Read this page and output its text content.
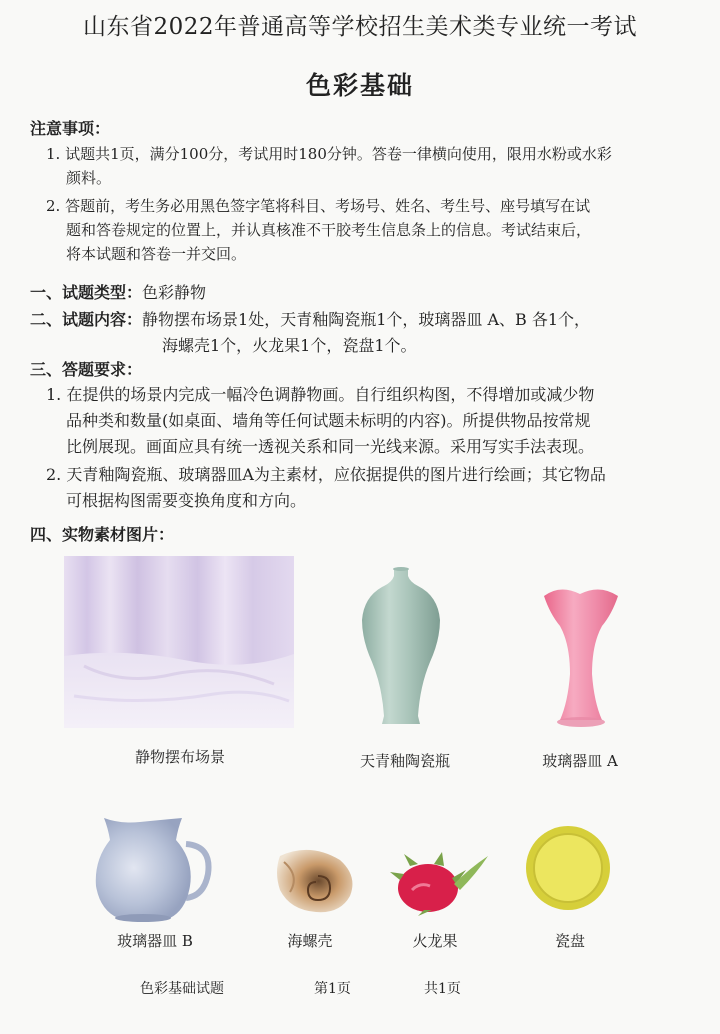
山东省2022年普通高等学校招生美术类专业统一考试
色彩基础
注意事项：
1. 试题共1页，满分100分，考试用时180分钟。答卷一律横向使用，限用水粉或水彩
颜料。
2. 答题前，考生务必用黑色签字笔将科目、考场号、姓名、考生号、座号填写在试
题和答卷规定的位置上，并认真核准不干胶考生信息条上的信息。考试结束后，
将本试题和答卷一并交回。
一、试题类型：色彩静物
二、试题内容：静物摆布场景1处，天青釉陶瓷瓶1个，玻璃器皿 A、B 各1个，
海螺壳1个，火龙果1个，瓷盘1个。
三、答题要求：
1. 在提供的场景内完成一幅冷色调静物画。自行组织构图，不得增加或减少物
品种类和数量(如桌面、墙角等任何试题未标明的内容)。所提供物品按常规
比例展现。画面应具有统一透视关系和同一光线来源。采用写实手法表现。
2. 天青釉陶瓷瓶、玻璃器皿A为主素材，应依据提供的图片进行绘画；其它物品
可根据构图需要变换角度和方向。
四、实物素材图片：
静物摆布场景	天青釉陶瓷瓶	玻璃器皿 A
玻璃器皿 B	海螺壳	火龙果	瓷盘
色彩基础试题	第1页	共1页
